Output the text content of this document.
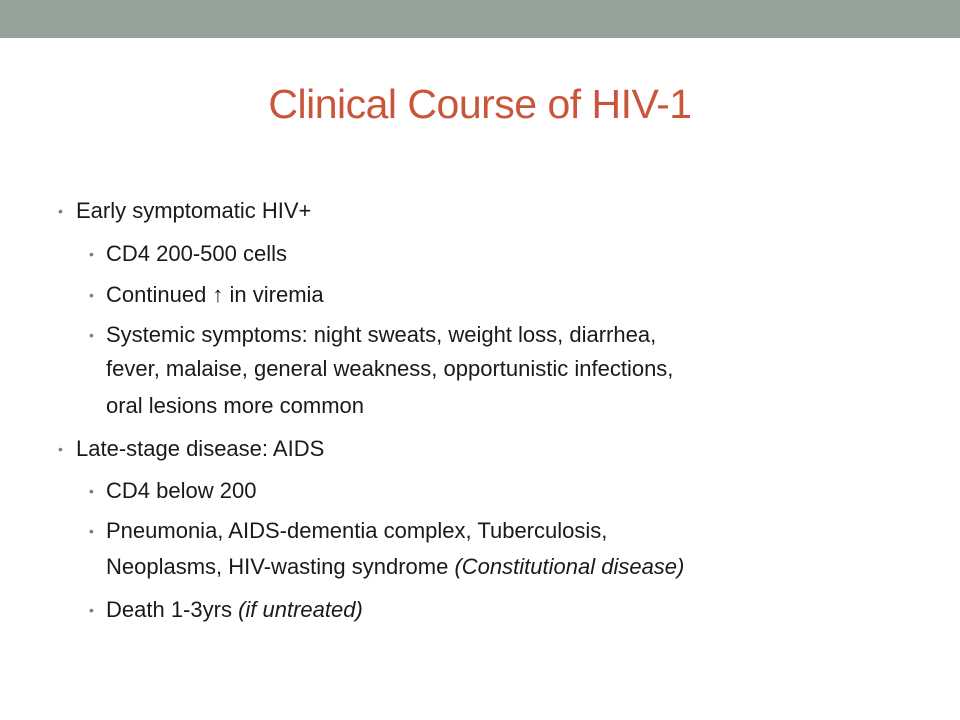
Clinical Course of HIV-1
• Early symptomatic HIV+
• CD4 200-500 cells
• Continued ↑ in viremia
• Systemic symptoms: night sweats, weight loss, diarrhea,
fever, malaise, general weakness, opportunistic infections,
oral lesions more common
• Late-stage disease: AIDS
• CD4 below 200
• Pneumonia, AIDS-dementia complex, Tuberculosis,
Neoplasms, HIV-wasting syndrome (Constitutional disease)
• Death 1-3yrs (if untreated)
